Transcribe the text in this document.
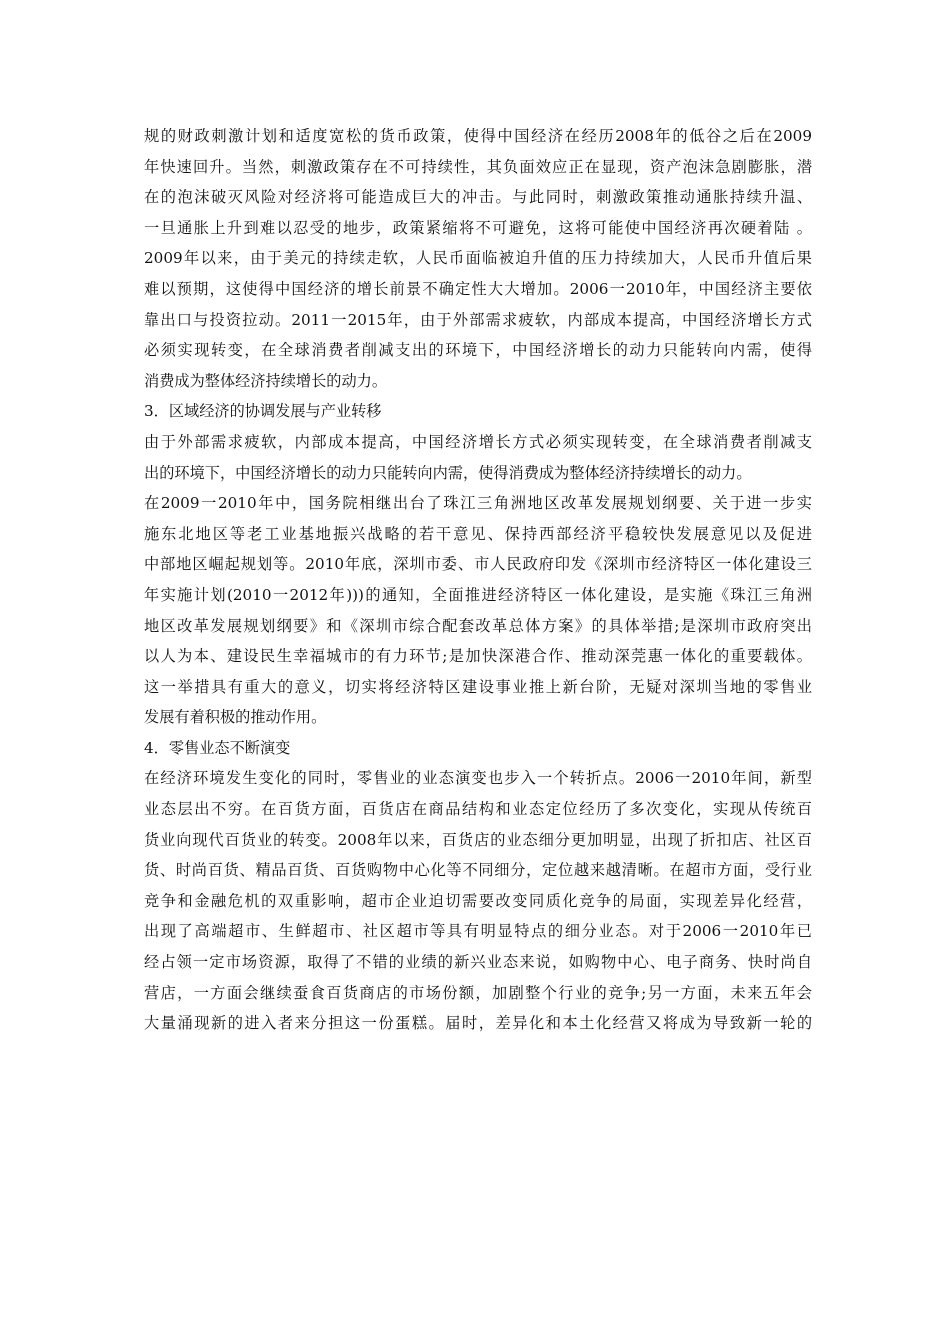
规的财政刺激计划和适度宽松的货币政策，使得中国经济在经历2008年的低谷之后在2009
年快速回升。当然，刺激政策存在不可持续性，其负面效应正在显现，资产泡沫急剧膨胀，潜
在的泡沫破灭风险对经济将可能造成巨大的冲击。与此同时，刺激政策推动通胀持续升温、
一旦通胀上升到难以忍受的地步，政策紧缩将不可避免，这将可能使中国经济再次硬着陆 。
2009年以来，由于美元的持续走软，人民币面临被迫升值的压力持续加大，人民币升值后果
难以预期，这使得中国经济的增长前景不确定性大大增加。2006一2010年，中国经济主要依
靠出口与投资拉动。2011一2015年，由于外部需求疲软，内部成本提高，中国经济增长方式
必须实现转变，在全球消费者削减支出的环境下，中国经济增长的动力只能转向内需，使得
消费成为整体经济持续增长的动力。
3．区域经济的协调发展与产业转移
由于外部需求疲软，内部成本提高，中国经济增长方式必须实现转变，在全球消费者削减支
出的环境下，中国经济增长的动力只能转向内需，使得消费成为整体经济持续增长的动力。
在2009一2010年中，国务院相继出台了珠江三角洲地区改革发展规划纲要、关于进一步实
施东北地区等老工业基地振兴战略的若干意见、保持西部经济平稳较快发展意见以及促进
中部地区崛起规划等。2010年底，深圳市委、市人民政府印发《深圳市经济特区一体化建设三
年实施计划(2010一2012年)))的通知，全面推进经济特区一体化建设，是实施《珠江三角洲
地区改革发展规划纲要》和《深圳市综合配套改革总体方案》的具体举措;是深圳市政府突出
以人为本、建设民生幸福城市的有力环节;是加快深港合作、推动深莞惠一体化的重要载体。
这一举措具有重大的意义，切实将经济特区建设事业推上新台阶，无疑对深圳当地的零售业
发展有着积极的推动作用。
4．零售业态不断演变
在经济环境发生变化的同时，零售业的业态演变也步入一个转折点。2006一2010年间，新型
业态层出不穷。在百货方面，百货店在商品结构和业态定位经历了多次变化，实现从传统百
货业向现代百货业的转变。2008年以来，百货店的业态细分更加明显，出现了折扣店、社区百
货、时尚百货、精品百货、百货购物中心化等不同细分，定位越来越清晰。在超市方面，受行业
竞争和金融危机的双重影响，超市企业迫切需要改变同质化竞争的局面，实现差异化经营，
出现了高端超市、生鲜超市、社区超市等具有明显特点的细分业态。对于2006一2010年已
经占领一定市场资源，取得了不错的业绩的新兴业态来说，如购物中心、电子商务、快时尚自
营店，一方面会继续蚕食百货商店的市场份额，加剧整个行业的竞争;另一方面，未来五年会
大量涌现新的进入者来分担这一份蛋糕。届时，差异化和本土化经营又将成为导致新一轮的
